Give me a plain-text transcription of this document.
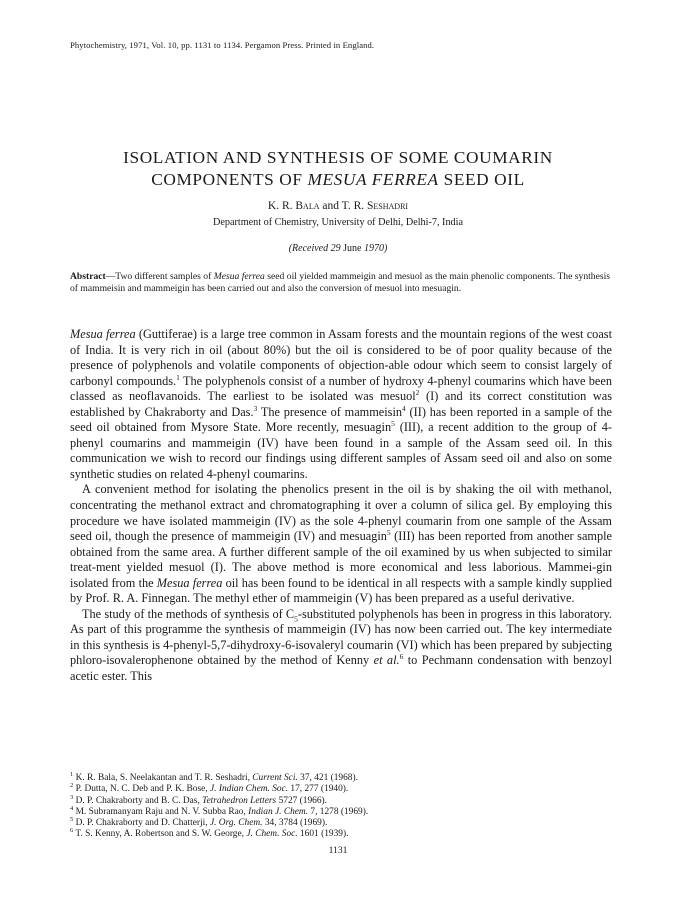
Phytochemistry, 1971, Vol. 10, pp. 1131 to 1134. Pergamon Press. Printed in England.
ISOLATION AND SYNTHESIS OF SOME COUMARIN
COMPONENTS OF MESUA FERREA SEED OIL
K. R. Bala and T. R. Seshadri
Department of Chemistry, University of Delhi, Delhi-7, India
(Received 29 June 1970)
Abstract—Two different samples of Mesua ferrea seed oil yielded mammeigin and mesuol as the main phenolic components. The synthesis of mammeisin and mammeigin has been carried out and also the conversion of mesuol into mesuagin.

Mesua ferrea (Guttiferae) is a large tree common in Assam forests and the mountain regions of the west coast of India. It is very rich in oil (about 80%) but the oil is considered to be of poor quality because of the presence of polyphenols and volatile components of objection-able odour which seem to consist largely of carbonyl compounds.$^1$ The polyphenols consist of a number of hydroxy 4-phenyl coumarins which have been classed as neoflavanoids. The earliest to be isolated was mesuol$^2$ (I) and its correct constitution was established by Chakraborty and Das.$^3$ The presence of mammeisin$^4$ (II) has been reported in a sample of the seed oil obtained from Mysore State. More recently, mesuagin$^5$ (III), a recent addition to the group of 4-phenyl coumarins and mammeigin (IV) have been found in a sample of the Assam seed oil. In this communication we wish to record our findings using different samples of Assam seed oil and also on some synthetic studies on related 4-phenyl coumarins.

A convenient method for isolating the phenolics present in the oil is by shaking the oil with methanol, concentrating the methanol extract and chromatographing it over a column of silica gel. By employing this procedure we have isolated mammeigin (IV) as the sole 4-phenyl coumarin from one sample of the Assam seed oil, though the presence of mammeigin (IV) and mesuagin$^5$ (III) has been reported from another sample obtained from the same area. A further different sample of the oil examined by us when subjected to similar treat-ment yielded mesuol (I). The above method is more economical and less laborious. Mammei-gin isolated from the Mesua ferrea oil has been found to be identical in all respects with a sample kindly supplied by Prof. R. A. Finnegan. The methyl ether of mammeigin (V) has been prepared as a useful derivative.

The study of the methods of synthesis of $C_5$-substituted polyphenols has been in progress in this laboratory. As part of this programme the synthesis of mammeigin (IV) has now been carried out. The key intermediate in this synthesis is 4-phenyl-5,7-dihydroxy-6-isovaleryl coumarin (VI) which has been prepared by subjecting phloro-isovalerophenone obtained by the method of Kenny et al.$^6$ to Pechmann condensation with benzoyl acetic ester. This

$^1$ K. R. Bala, S. Neelakantan and T. R. Seshadri, Current Sci. 37, 421 (1968).
$^2$ P. Dutta, N. C. Deb and P. K. Bose, J. Indian Chem. Soc. 17, 277 (1940).
$^3$ D. P. Chakraborty and B. C. Das, Tetrahedron Letters 5727 (1966).
$^4$ M. Subramanyam Raju and N. V. Subba Rao, Indian J. Chem. 7, 1278 (1969).
$^5$ D. P. Chakraborty and D. Chatterji, J. Org. Chem. 34, 3784 (1969).
$^6$ T. S. Kenny, A. Robertson and S. W. George, J. Chem. Soc. 1601 (1939).
1131
